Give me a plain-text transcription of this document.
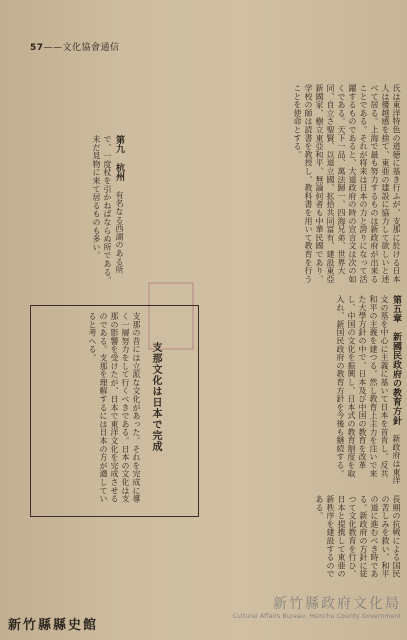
57——文化協會通信
第九　杭州 有名なる西湖のある所で、一度杖を引かねばならぬ所である。未だ見物に来て居るものも多い。	氏は東洋特色の道徳に基き行ふが、支那に於ける日本人は優越感を捨て、東亜の建設に協力して欲しいと述べて居る。上海で最も努力するものは新政府が出来ることである。それが将来は日本の力と誇りになって活躍するものであると、大道政府の時の宣言文は次の如くである。天下一品、萬法歸一、四海兄弟、世界大同、自立さ聖賢、以道立國、拡拾共同富有、建設東亞新國家、樹立東亞和平、無論何者も中華民國であり、学校の師は読書を教授し、教科書を用いて教育を行うことを使命とする。
第五章　新國民政府の教育方針 新政府は東洋文の基を中心に主義に基いて日本を首肯し、反共和平の主義を建つる。然し教育上主力を注いで来た大學方針の中で、日本及び中国の教育を改革し、中国の文化を振興し、日本式の教育制度を取入れ、新国民政府の教育方針を今後も継続する。
支那文化は日本で完成
支那の昔には立派な文化があった。それを完成に導く一層努力をして行くべきである。日本の文化は支那の影響を受けたが、日本で東洋文化を完成させるのである。支那を理解するには日本の方が適していると考へる。
長期の抗戦による国民の苦しみを救い、和平の道に進むべき時である。新政府の方針に従つて文化教育を行ひ、日本と提携して東亜の新秩序を建設するのである。
新竹縣縣史館
新竹縣政府文化局
Cultural Affairs Bureau, Hsinchu County Government
